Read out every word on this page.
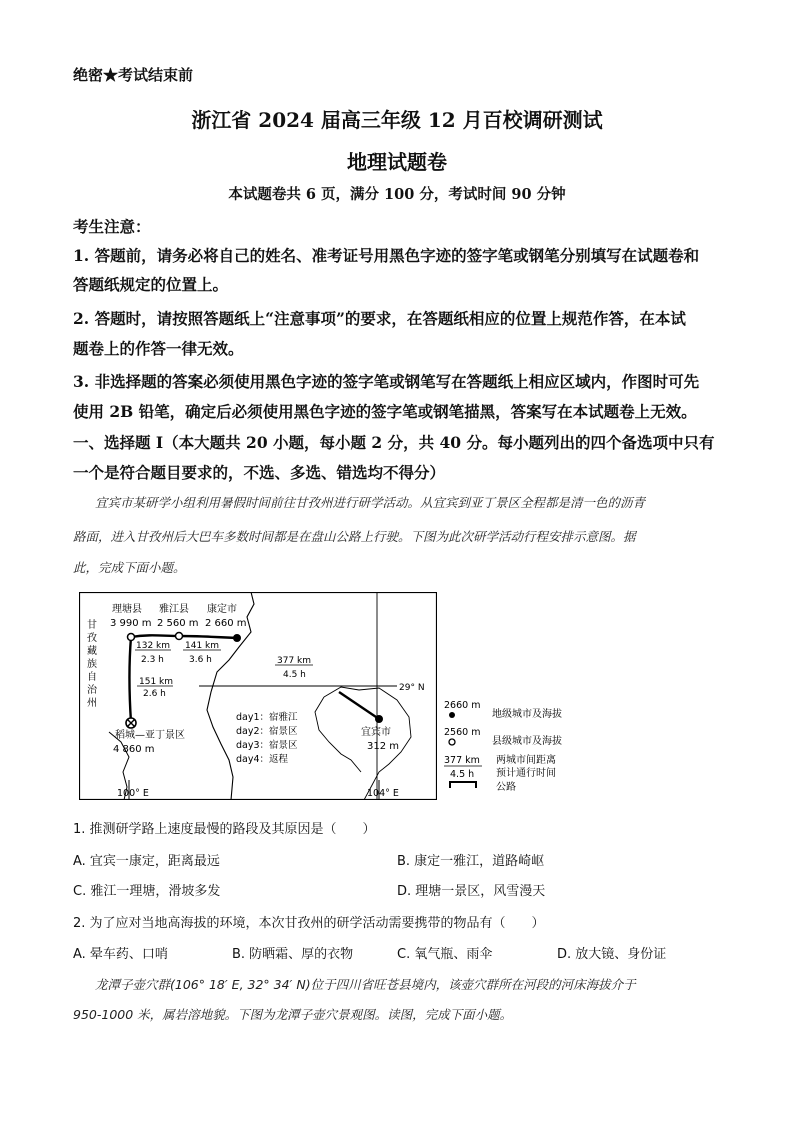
绝密★考试结束前
浙江省 2024 届高三年级 12 月百校调研测试
地理试题卷
本试题卷共 6 页，满分 100 分，考试时间 90 分钟
考生注意：
1. 答题前，请务必将自己的姓名、准考证号用黑色字迹的签字笔或钢笔分别填写在试题卷和
答题纸规定的位置上。
2. 答题时，请按照答题纸上“注意事项”的要求，在答题纸相应的位置上规范作答，在本试
题卷上的作答一律无效。
3. 非选择题的答案必须使用黑色字迹的签字笔或钢笔写在答题纸上相应区域内，作图时可先
使用 2B 铅笔，确定后必须使用黑色字迹的签字笔或钢笔描黑，答案写在本试题卷上无效。
一、选择题 Ⅰ（本大题共 20 小题，每小题 2 分，共 40 分。每小题列出的四个备选项中只有
一个是符合题目要求的，不选、多选、错选均不得分）
宜宾市某研学小组利用暑假时间前往甘孜州进行研学活动。从宜宾到亚丁景区全程都是清一色的沥青
路面，进入甘孜州后大巴车多数时间都是在盘山公路上行驶。下图为此次研学活动行程安排示意图。据
此，完成下面小题。
理塘县
3 990 m
雅江县
2 560 m
康定市
2 660 m
甘
孜
藏
族
自
治
州
132 km
2.3 h
141 km
3.6 h
151 km
2.6 h
377 km
4.5 h
29° N
稻城—亚丁景区
4 860 m
宜宾市
312 m
day1：宿雅江
day2：宿景区
day3：宿景区
day4：返程
100° E	104° E
2660 m
地级城市及海拔
2560 m
县级城市及海拔
377 km 两城市间距离
4.5 h 预计通行时间
公路
1. 推测研学路上速度最慢的路段及其原因是（　　）
A. 宜宾一康定，距离最远	B. 康定一雅江，道路崎岖
C. 雅江一理塘，滑坡多发	D. 理塘一景区，风雪漫天
2. 为了应对当地高海拔的环境，本次甘孜州的研学活动需要携带的物品有（　　）
A. 晕车药、口哨	B. 防晒霜、厚的衣物	C. 氧气瓶、雨伞	D. 放大镜、身份证
龙潭子壶穴群(106° 18′ E, 32° 34′ N)位于四川省旺苍县境内，该壶穴群所在河段的河床海拔介于
950-1000 米，属岩溶地貌。下图为龙潭子壶穴景观图。读图，完成下面小题。
